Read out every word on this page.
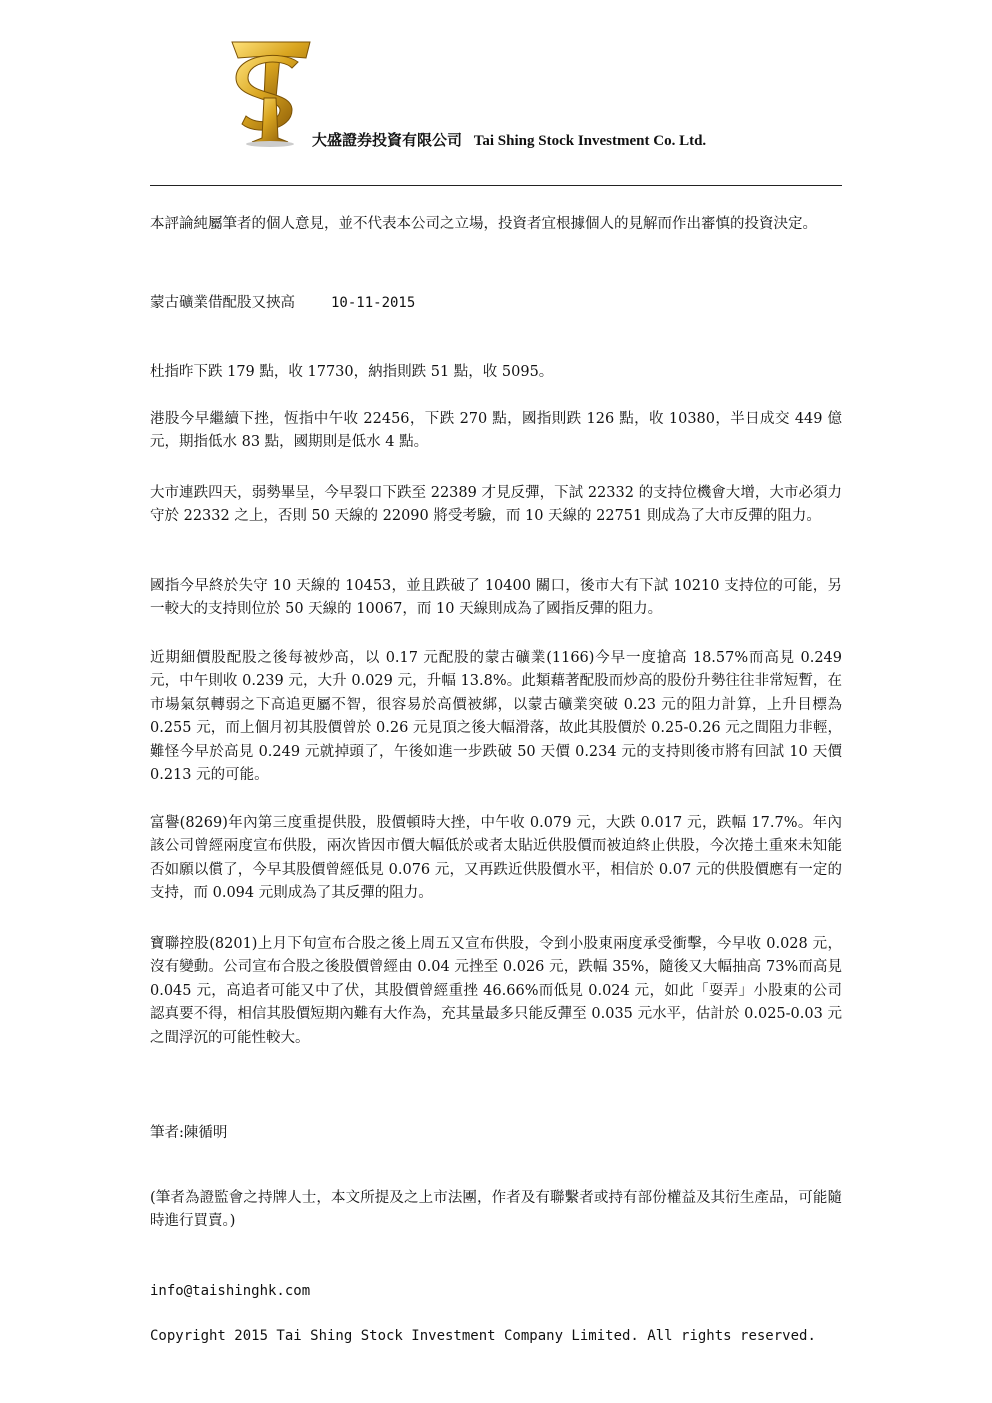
大盛證券投資有限公司 Tai Shing Stock Investment Co. Ltd.
本評論純屬筆者的個人意見，並不代表本公司之立場，投資者宜根據個人的見解而作出審慎的投資決定。
蒙古礦業借配股又挾高	10-11-2015
杜指昨下跌 179 點，收 17730，納指則跌 51 點，收 5095。
港股今早繼續下挫，恆指中午收 22456，下跌 270 點，國指則跌 126 點，收 10380，半日成交 449 億元，期指低水 83 點，國期則是低水 4 點。
大市連跌四天，弱勢畢呈，今早裂口下跌至 22389 才見反彈，下試 22332 的支持位機會大增，大市必須力守於 22332 之上，否則 50 天線的 22090 將受考驗，而 10 天線的 22751 則成為了大市反彈的阻力。
國指今早終於失守 10 天線的 10453，並且跌破了 10400 關口，後市大有下試 10210 支持位的可能，另一較大的支持則位於 50 天線的 10067，而 10 天線則成為了國指反彈的阻力。
近期細價股配股之後每被炒高，以 0.17 元配股的蒙古礦業(1166)今早一度搶高 18.57%而高見 0.249 元，中午則收 0.239 元，大升 0.029 元，升幅 13.8%。此類藉著配股而炒高的股份升勢往往非常短暫，在市場氣氛轉弱之下高追更屬不智，很容易於高價被綁，以蒙古礦業突破 0.23 元的阻力計算，上升目標為 0.255 元，而上個月初其股價曾於 0.26 元見頂之後大幅滑落，故此其股價於 0.25-0.26 元之間阻力非輕，難怪今早於高見 0.249 元就掉頭了，午後如進一步跌破 50 天價 0.234 元的支持則後市將有回試 10 天價 0.213 元的可能。
富譽(8269)年內第三度重提供股，股價頓時大挫，中午收 0.079 元，大跌 0.017 元，跌幅 17.7%。年內該公司曾經兩度宣布供股，兩次皆因市價大幅低於或者太貼近供股價而被迫終止供股，今次捲土重來未知能否如願以償了，今早其股價曾經低見 0.076 元，又再跌近供股價水平，相信於 0.07 元的供股價應有一定的支持，而 0.094 元則成為了其反彈的阻力。
寶聯控股(8201)上月下旬宣布合股之後上周五又宣布供股，令到小股東兩度承受衝擊，今早收 0.028 元，沒有變動。公司宣布合股之後股價曾經由 0.04 元挫至 0.026 元，跌幅 35%，隨後又大幅抽高 73%而高見 0.045 元，高追者可能又中了伏，其股價曾經重挫 46.66%而低見 0.024 元，如此「耍弄」小股東的公司認真要不得，相信其股價短期內難有大作為，充其量最多只能反彈至 0.035 元水平，估計於 0.025-0.03 元之間浮沉的可能性較大。
筆者:陳循明
(筆者為證監會之持牌人士，本文所提及之上市法團，作者及有聯繫者或持有部份權益及其衍生產品，可能隨時進行買賣。)
info@taishinghk.com
Copyright 2015 Tai Shing Stock Investment Company Limited. All rights reserved.
